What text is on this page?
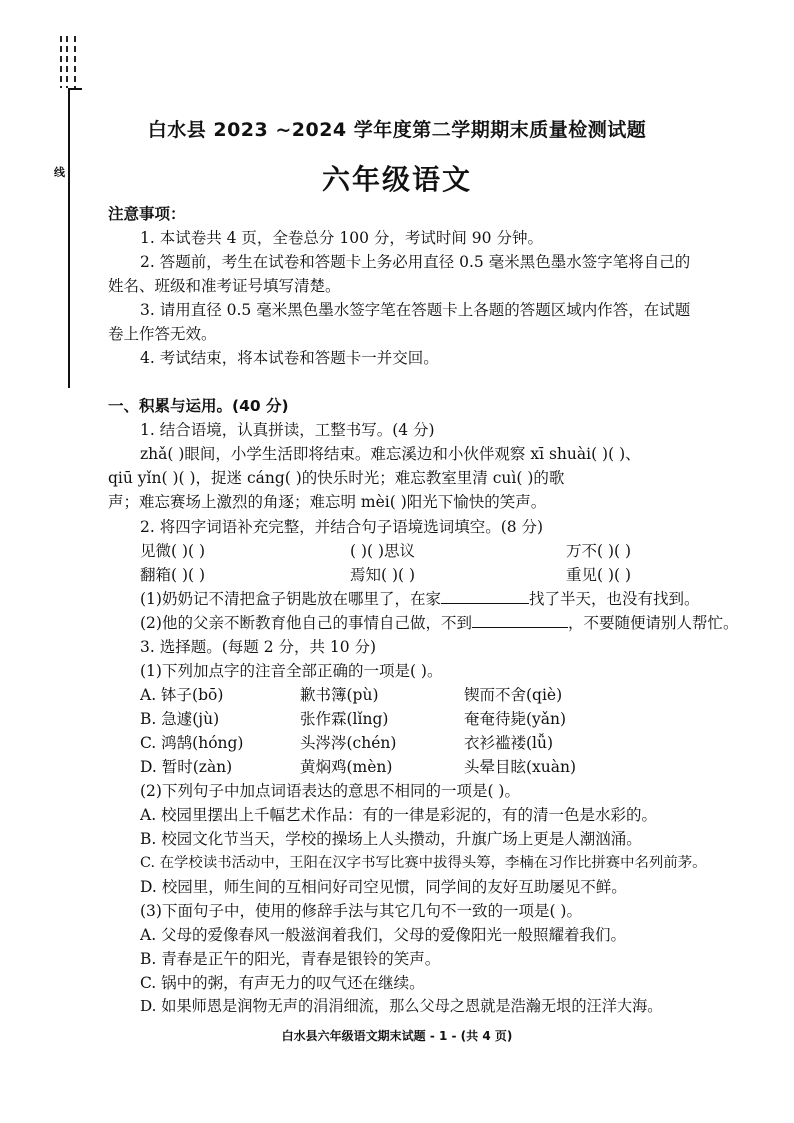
线
白水县 2023 ~2024 学年度第二学期期末质量检测试题
六年级语文
注意事项：
1. 本试卷共 4 页，全卷总分 100 分，考试时间 90 分钟。
2. 答题前，考生在试卷和答题卡上务必用直径 0.5 毫米黑色墨水签字笔将自己的
姓名、班级和准考证号填写清楚。
3. 请用直径 0.5 毫米黑色墨水签字笔在答题卡上各题的答题区域内作答，在试题
卷上作答无效。
4. 考试结束，将本试卷和答题卡一并交回。
一、积累与运用。(40 分)
1. 结合语境，认真拼读，工整书写。(4 分)
zhǎ( )眼间，小学生活即将结束。难忘溪边和小伙伴观察 xī shuài( )( )、
qiū yǐn( )( )，捉迷 cáng( )的快乐时光；难忘教室里清 cuì( )的歌
声；难忘赛场上激烈的角逐；难忘明 mèi( )阳光下愉快的笑声。
2. 将四字词语补充完整，并结合句子语境选词填空。(8 分)
见微( )( )	( )( )思议	万不( )( )
翻箱( )( )	焉知( )( )	重见( )( )
(1)奶奶记不清把盒子钥匙放在哪里了，在家	找了半天，也没有找到。
(2)他的父亲不断教育他自己的事情自己做，不到	，不要随便请别人帮忙。
3. 选择题。(每题 2 分，共 10 分)
(1)下列加点字的注音全部正确的一项是( )。
A. 钵子(bō)	歉书簿(pù)	锲而不舍(qiè)
B. 急遽(jù)	张作霖(lǐng)	奄奄待毙(yǎn)
C. 鸿鹄(hóng)	头涔涔(chén)	衣衫褴褛(lǚ)
D. 暂时(zàn)	黄焖鸡(mèn)	头晕目眩(xuàn)
(2)下列句子中加点词语表达的意思不相同的一项是( )。
A. 校园里摆出上千幅艺术作品：有的一律是彩泥的，有的清一色是水彩的。
B. 校园文化节当天，学校的操场上人头攒动，升旗广场上更是人潮汹涌。
C. 在学校读书活动中，王阳在汉字书写比赛中拔得头筹，李楠在习作比拼赛中名列前茅。
D. 校园里，师生间的互相问好司空见惯，同学间的友好互助屡见不鲜。
(3)下面句子中，使用的修辞手法与其它几句不一致的一项是( )。
A. 父母的爱像春风一般滋润着我们，父母的爱像阳光一般照耀着我们。
B. 青春是正午的阳光，青春是银铃的笑声。
C. 锅中的粥，有声无力的叹气还在继续。
D. 如果师恩是润物无声的涓涓细流，那么父母之恩就是浩瀚无垠的汪洋大海。
白水县六年级语文期末试题 - 1 - (共 4 页)
